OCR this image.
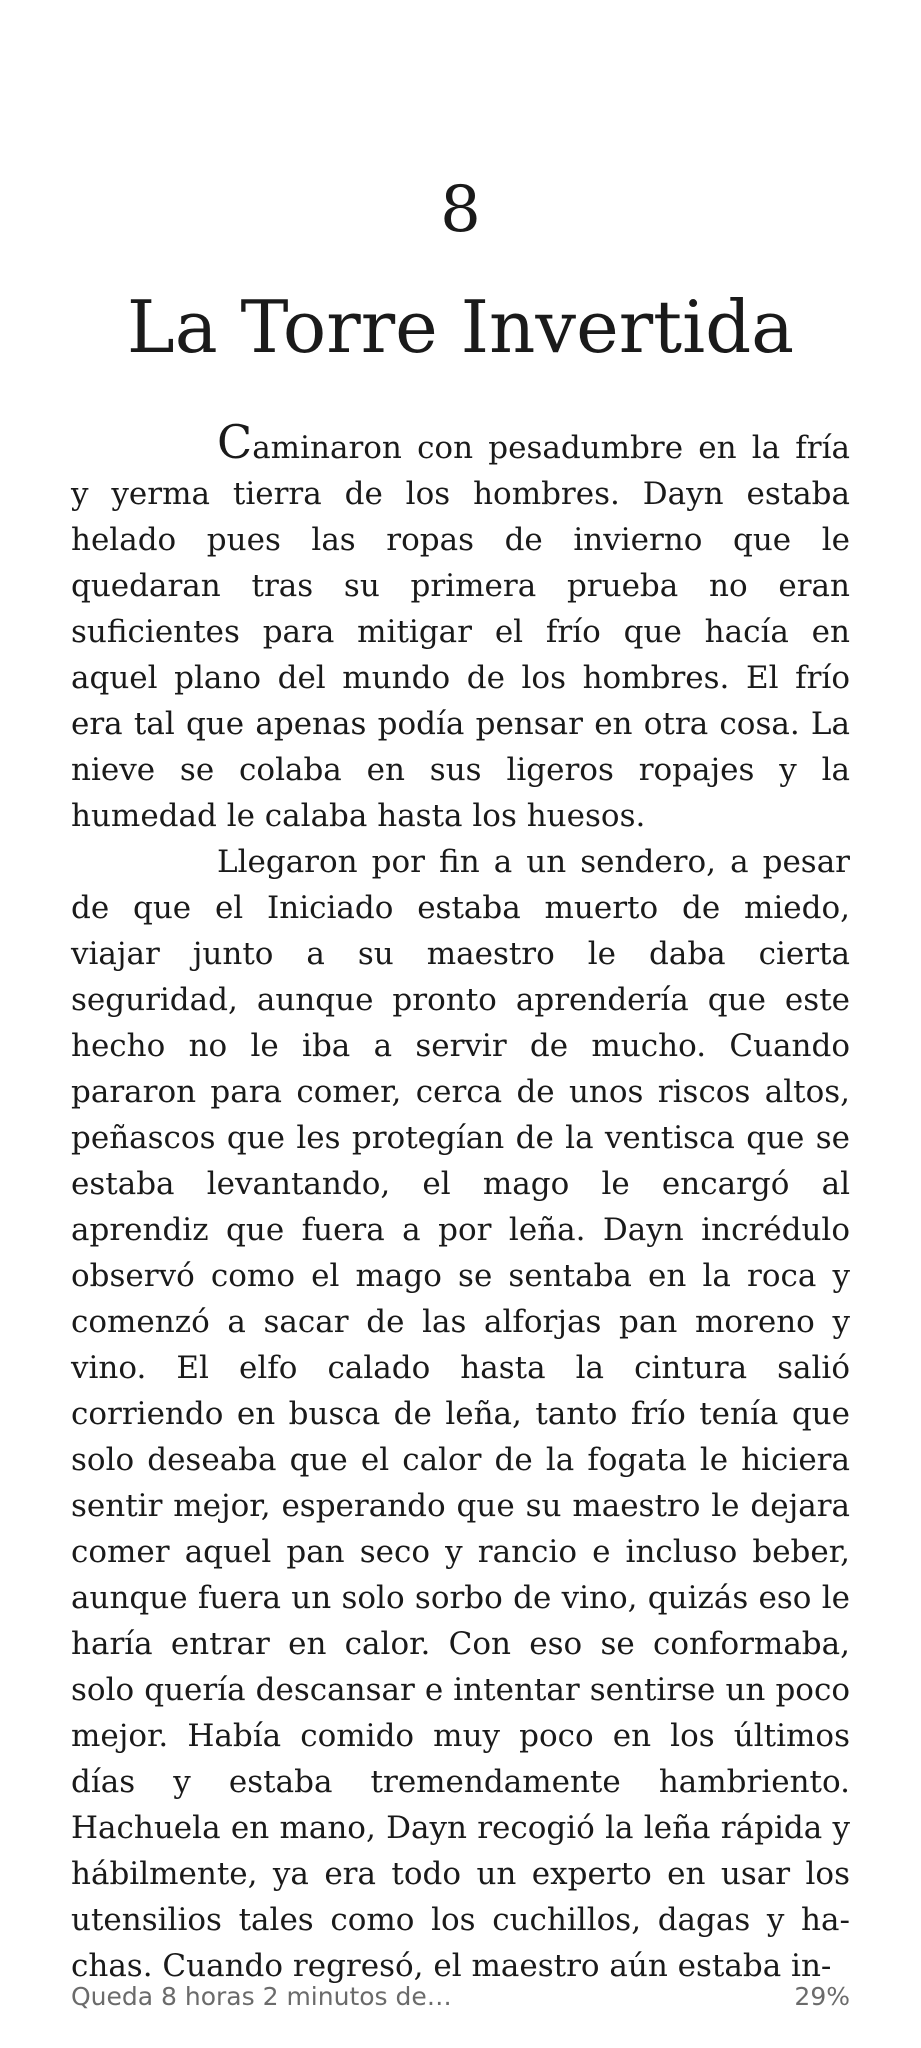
8
La Torre Invertida

Caminaron con pesadumbre en la fría y yerma tierra de los hombres. Dayn estaba helado pues las ropas de invierno que le quedaran tras su primera prueba no eran suficientes para mitigar el frío que hacía en aquel plano del mundo de los hombres. El frío era tal que apenas podía pensar en otra cosa. La nieve se colaba en sus ligeros ropajes y la humedad le calaba hasta los huesos.

Llegaron por fin a un sendero, a pesar de que el Iniciado estaba muerto de miedo, viajar junto a su maestro le daba cierta seguridad, aunque pronto aprendería que este hecho no le iba a servir de mucho. Cuando pararon para comer, cerca de unos riscos altos, peñascos que les protegían de la ventisca que se estaba levantando, el mago le encargó al aprendiz que fuera a por leña. Dayn incrédulo observó como el mago se sentaba en la roca y comenzó a sacar de las alforjas pan moreno y vino. El elfo calado hasta la cintura salió corriendo en busca de leña, tanto frío tenía que solo deseaba que el calor de la fogata le hiciera sentir mejor, esperando que su maestro le dejara comer aquel pan seco y rancio e incluso beber, aunque fuera un solo sorbo de vino, quizás eso le haría entrar en calor. Con eso se conformaba, solo quería descansar e intentar sentirse un poco mejor. Había comido muy poco en los últimos días y estaba tremendamente hambriento. Hachuela en mano, Dayn recogió la leña rápida y hábilmente, ya era todo un experto en usar los utensilios tales como los cuchillos, dagas y hachas. Cuando regresó, el maestro aún estaba in-

Queda 8 horas 2 minutos de…	29%
